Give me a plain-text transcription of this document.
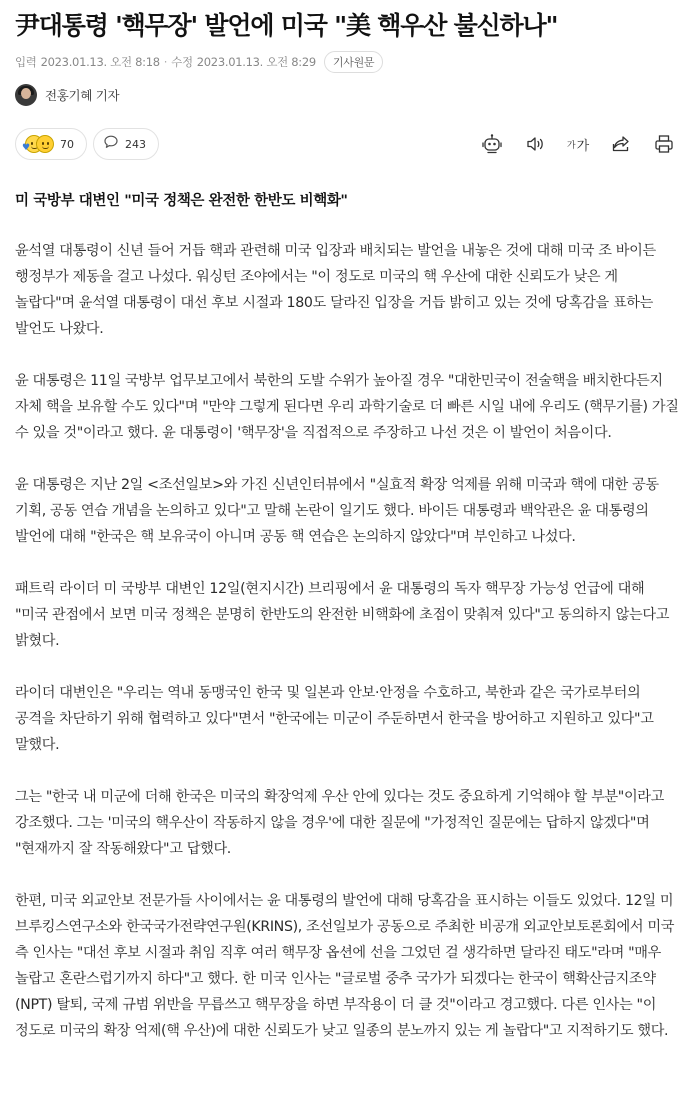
尹대통령 '핵무장' 발언에 미국 "美 핵우산 불신하나"
입력 2023.01.13. 오전 8:18 · 수정 2023.01.13. 오전 8:29	기사원문
전홍기혜 기자
♥	70	243	가 가
미 국방부 대변인 "미국 정책은 완전한 한반도 비핵화"

윤석열 대통령이 신년 들어 거듭 핵과 관련해 미국 입장과 배치되는 발언을 내놓은 것에 대해 미국 조 바이든 행정부가 제동을 걸고 나섰다. 워싱턴 조야에서는 "이 정도로 미국의 핵 우산에 대한 신뢰도가 낮은 게 놀랍다"며 윤석열 대통령이 대선 후보 시절과 180도 달라진 입장을 거듭 밝히고 있는 것에 당혹감을 표하는 발언도 나왔다.

윤 대통령은 11일 국방부 업무보고에서 북한의 도발 수위가 높아질 경우 "대한민국이 전술핵을 배치한다든지 자체 핵을 보유할 수도 있다"며 "만약 그렇게 된다면 우리 과학기술로 더 빠른 시일 내에 우리도 (핵무기를) 가질 수 있을 것"이라고 했다. 윤 대통령이 '핵무장'을 직접적으로 주장하고 나선 것은 이 발언이 처음이다.

윤 대통령은 지난 2일 <조선일보>와 가진 신년인터뷰에서 "실효적 확장 억제를 위해 미국과 핵에 대한 공동 기획, 공동 연습 개념을 논의하고 있다"고 말해 논란이 일기도 했다. 바이든 대통령과 백악관은 윤 대통령의 발언에 대해 "한국은 핵 보유국이 아니며 공동 핵 연습은 논의하지 않았다"며 부인하고 나섰다.

패트릭 라이더 미 국방부 대변인 12일(현지시간) 브리핑에서 윤 대통령의 독자 핵무장 가능성 언급에 대해 "미국 관점에서 보면 미국 정책은 분명히 한반도의 완전한 비핵화에 초점이 맞춰져 있다"고 동의하지 않는다고 밝혔다.

라이더 대변인은 "우리는 역내 동맹국인 한국 및 일본과 안보·안정을 수호하고, 북한과 같은 국가로부터의 공격을 차단하기 위해 협력하고 있다"면서 "한국에는 미군이 주둔하면서 한국을 방어하고 지원하고 있다"고 말했다.

그는 "한국 내 미군에 더해 한국은 미국의 확장억제 우산 안에 있다는 것도 중요하게 기억해야 할 부분"이라고 강조했다. 그는 '미국의 핵우산이 작동하지 않을 경우'에 대한 질문에 "가정적인 질문에는 답하지 않겠다"며 "현재까지 잘 작동해왔다"고 답했다.

한편, 미국 외교안보 전문가들 사이에서는 윤 대통령의 발언에 대해 당혹감을 표시하는 이들도 있었다. 12일 미 브루킹스연구소와 한국국가전략연구원(KRINS), 조선일보가 공동으로 주최한 비공개 외교안보토론회에서 미국 측 인사는 "대선 후보 시절과 취임 직후 여러 핵무장 옵션에 선을 그었던 걸 생각하면 달라진 태도"라며 "매우 놀랍고 혼란스럽기까지 하다"고 했다. 한 미국 인사는 "글로벌 중추 국가가 되겠다는 한국이 핵확산금지조약(NPT) 탈퇴, 국제 규범 위반을 무릅쓰고 핵무장을 하면 부작용이 더 클 것"이라고 경고했다. 다른 인사는 "이 정도로 미국의 확장 억제(핵 우산)에 대한 신뢰도가 낮고 일종의 분노까지 있는 게 놀랍다"고 지적하기도 했다.
